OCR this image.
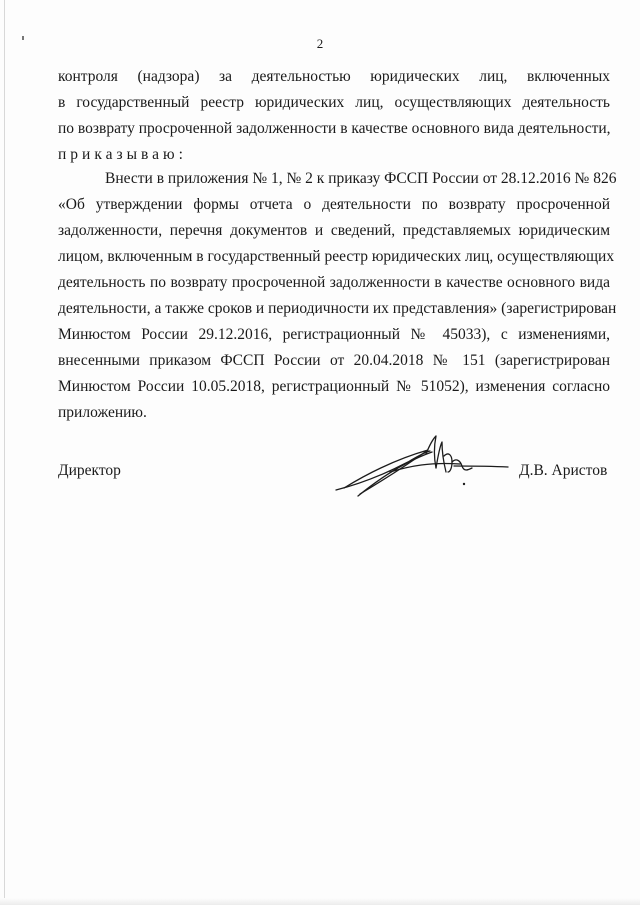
2
контроля (надзора) за деятельностью юридических лиц, включенных
в государственный реестр юридических лиц, осуществляющих деятельность
по возврату просроченной задолженности в качестве основного вида деятельности,
приказываю:
Внести в приложения № 1, № 2 к приказу ФССП России от 28.12.2016 № 826
«Об утверждении формы отчета о деятельности по возврату просроченной
задолженности, перечня документов и сведений, представляемых юридическим
лицом, включенным в государственный реестр юридических лиц, осуществляющих
деятельность по возврату просроченной задолженности в качестве основного вида
деятельности, а также сроков и периодичности их представления» (зарегистрирован
Минюстом России 29.12.2016, регистрационный № 45033), с изменениями,
внесенными приказом ФССП России от 20.04.2018 № 151 (зарегистрирован
Минюстом России 10.05.2018, регистрационный № 51052), изменения согласно
приложению.
Директор	Д.В. Аристов
